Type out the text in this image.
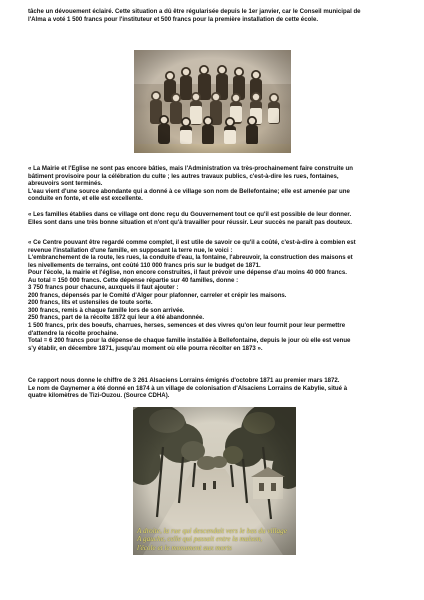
tâche un dévouement éclairé. Cette situation a dû être régularisée depuis le 1er janvier, car le Conseil municipal de

l'Alma a voté 1 500 francs pour l'instituteur et 500 francs pour la première installation de cette école.

« La Mairie et l'Eglise ne sont pas encore bâties, mais l'Administration va très-prochainement faire construite un

bâtiment provisoire pour la célébration du culte ; les autres travaux publics, c'est-à-dire les rues, fontaines,

abreuvoirs sont terminés.

L'eau vient d'une source abondante qui a donné à ce village son nom de Bellefontaine; elle est amenée par une

conduite en fonte, et elle est excellente.

« Les familles établies dans ce village ont donc reçu du Gouvernement tout ce qu'il est possible de leur donner.

Elles sont dans une très bonne situation et n'ont qu'à travailler pour réussir. Leur succès ne paraît pas douteux.

« Ce Centre pouvant être regardé comme complet, il est utile de savoir ce qu'il a coûté, c'est-à-dire à combien est

revenue l'installation d'une famille, en supposant la terre nue, le voici :

L'embranchement de la route, les rues, la conduite d'eau, la fontaine, l'abreuvoir, la construction des maisons et

les nivellements de terrains, ont coûté 110 000 francs pris sur le budget de 1871.

Pour l'école, la mairie et l'église, non encore construites, il faut prévoir une dépense d'au moins 40 000 francs.

Au total = 150 000 francs. Cette dépense répartie sur 40 familles, donne :

3 750 francs pour chacune, auxquels il faut ajouter :

200 francs, dépensés par le Comité d'Alger pour plafonner, carreler et crépir les maisons.

200 francs, lits et ustensiles de toute sorte.

300 francs, remis à chaque famille lors de son arrivée.

250 francs, part de la récolte 1872 qui leur a été abandonnée.

1 500 francs, prix des boeufs, charrues, herses, semences et des vivres qu'on leur fournit pour leur permettre

d'attendre la récolte prochaine.

Total = 6 200 francs pour la dépense de chaque famille installée à Bellefontaine, depuis le jour où elle est venue

s'y établir, en décembre 1871, jusqu'au moment où elle pourra récolter en 1873 ».

Ce rapport nous donne le chiffre de 3 261 Alsaciens Lorrains émigrés d'octobre 1871 au premier mars 1872.

Le nom de Gaynemer a été donné en 1874 à un village de colonisation d'Alsaciens Lorrains de Kabylie, situé à

quatre kilomètres de Tizi-Ouzou. (Source CDHA).

A droite, la rue qui descendait vers le bas du village

A gauche, celle qui passait entre la maison,

l'école et le monument aux morts
